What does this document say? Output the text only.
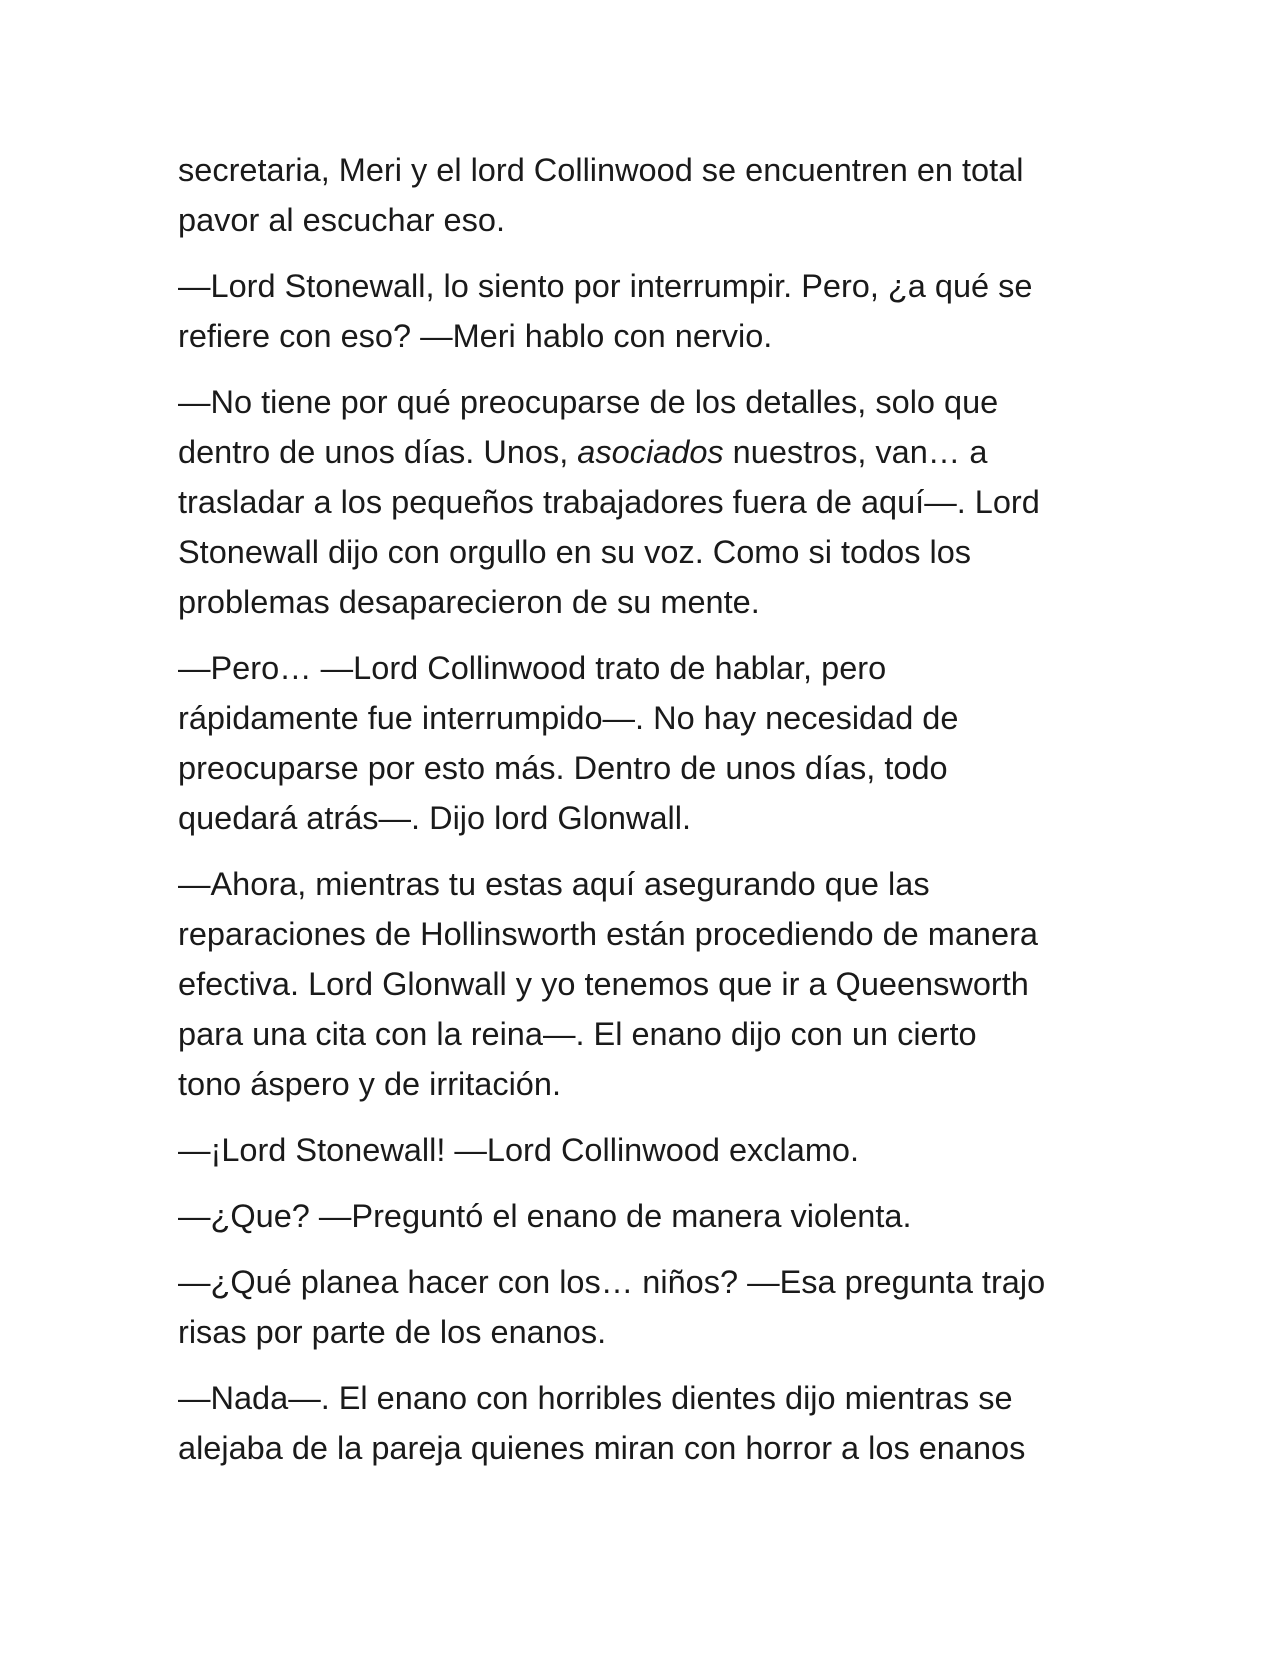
secretaria, Meri y el lord Collinwood se encuentren en total
pavor al escuchar eso.

—Lord Stonewall, lo siento por interrumpir. Pero, ¿a qué se
refiere con eso? —Meri hablo con nervio.

—No tiene por qué preocuparse de los detalles, solo que
dentro de unos días. Unos, asociados nuestros, van… a
trasladar a los pequeños trabajadores fuera de aquí—. Lord
Stonewall dijo con orgullo en su voz. Como si todos los
problemas desaparecieron de su mente.

—Pero… —Lord Collinwood trato de hablar, pero
rápidamente fue interrumpido—. No hay necesidad de
preocuparse por esto más. Dentro de unos días, todo
quedará atrás—. Dijo lord Glonwall.

—Ahora, mientras tu estas aquí asegurando que las
reparaciones de Hollinsworth están procediendo de manera
efectiva. Lord Glonwall y yo tenemos que ir a Queensworth
para una cita con la reina—. El enano dijo con un cierto
tono áspero y de irritación.

—¡Lord Stonewall! —Lord Collinwood exclamo.

—¿Que? —Preguntó el enano de manera violenta.

—¿Qué planea hacer con los… niños? —Esa pregunta trajo
risas por parte de los enanos.

—Nada—. El enano con horribles dientes dijo mientras se
alejaba de la pareja quienes miran con horror a los enanos
